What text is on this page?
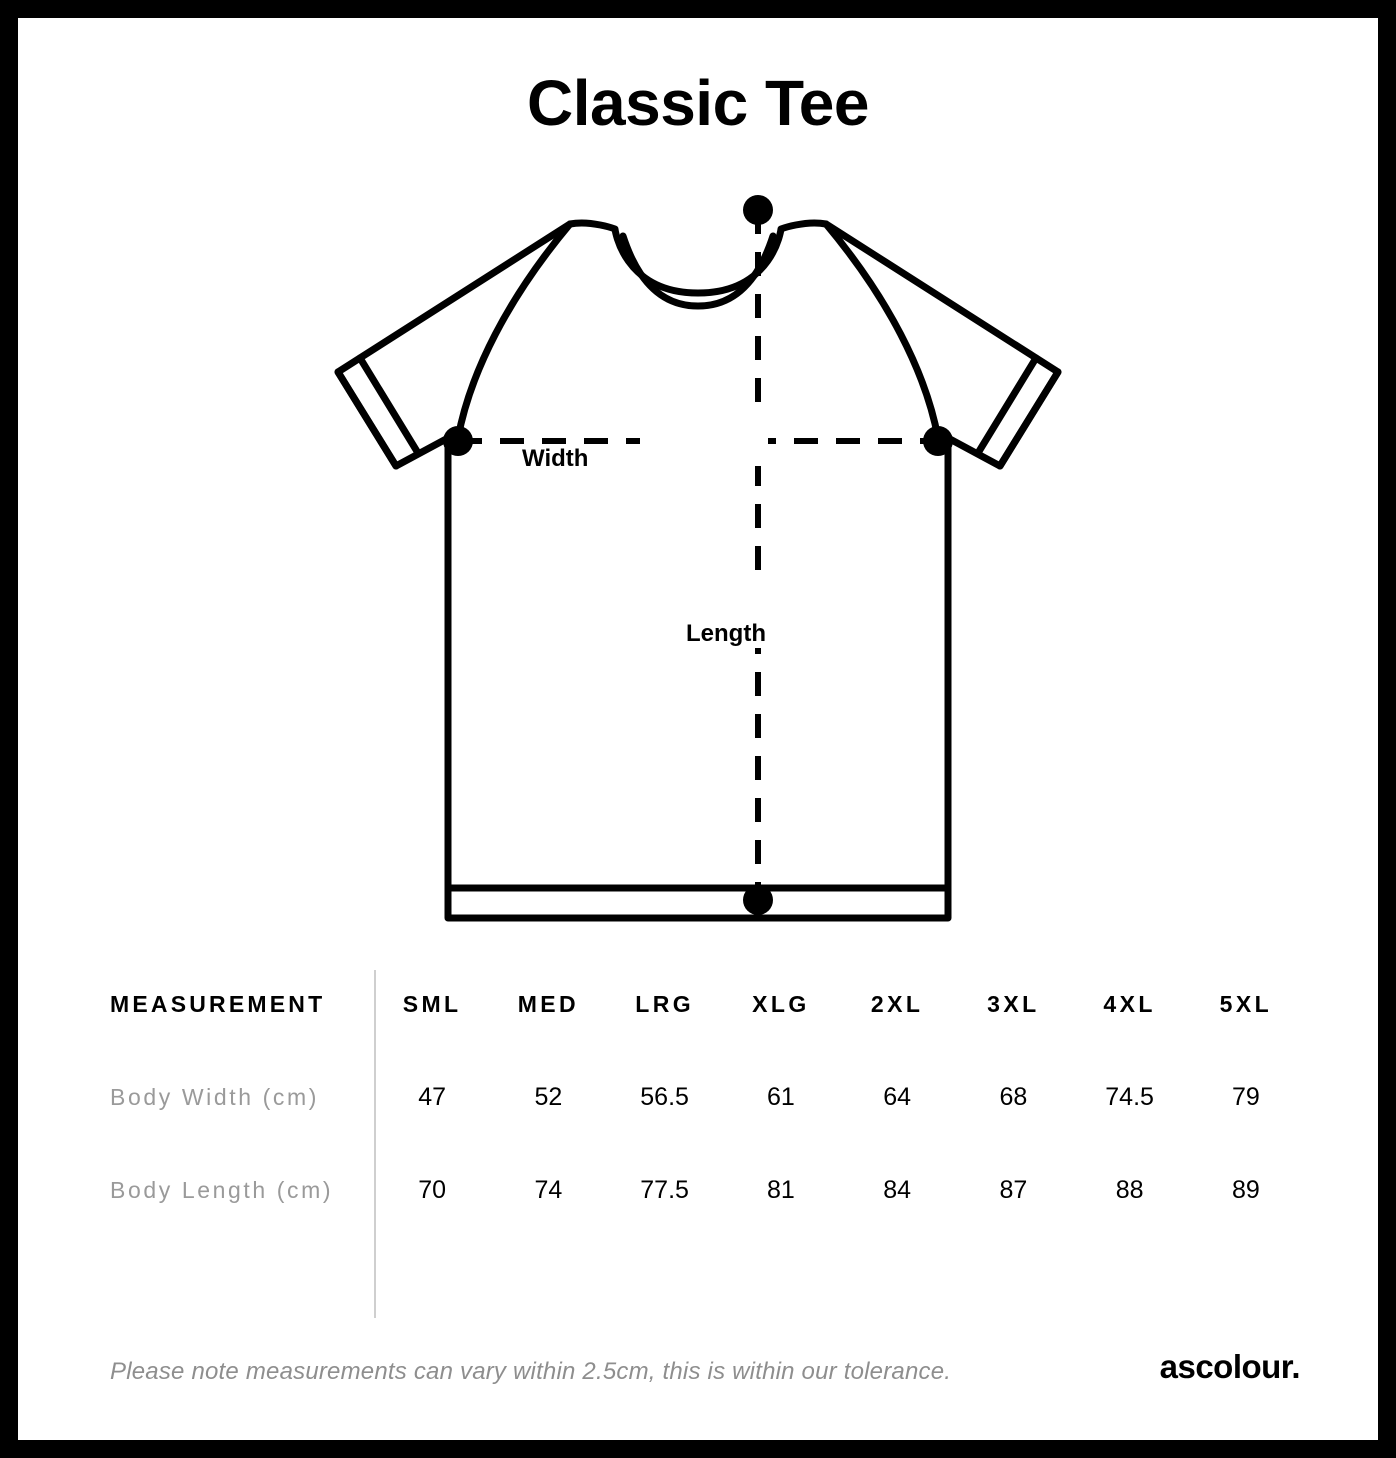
Classic Tee
Width
Length
MEASUREMENT	SML	MED	LRG	XLG	2XL	3XL	4XL	5XL
Body Width (cm)	47	52	56.5	61	64	68	74.5	79
Body Length (cm)	70	74	77.5	81	84	87	88	89
Please note measurements can vary within 2.5cm, this is within our tolerance.	ascolour.
